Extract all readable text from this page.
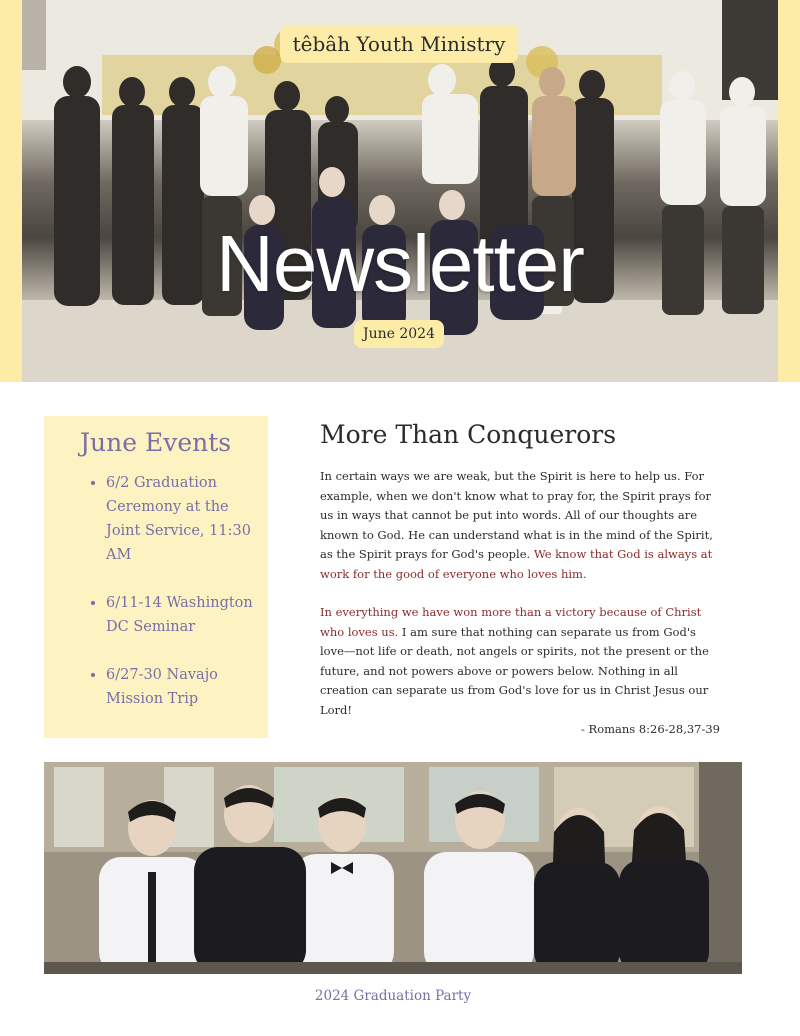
têbâh Youth Ministry
Newsletter
June 2024
June Events
• 6/2 Graduation Ceremony at the Joint Service, 11:30 AM
• 6/11-14 Washington DC Seminar
• 6/27-30 Navajo Mission Trip
More Than Conquerors

In certain ways we are weak, but the Spirit is here to help us. For example, when we don't know what to pray for, the Spirit prays for us in ways that cannot be put into words. All of our thoughts are known to God. He can understand what is in the mind of the Spirit, as the Spirit prays for God's people. We know that God is always at work for the good of everyone who loves him.

In everything we have won more than a victory because of Christ who loves us. I am sure that nothing can separate us from God's love—not life or death, not angels or spirits, not the present or the future, and not powers above or powers below. Nothing in all creation can separate us from God's love for us in Christ Jesus our Lord!

- Romans 8:26-28,37-39
2024 Graduation Party
